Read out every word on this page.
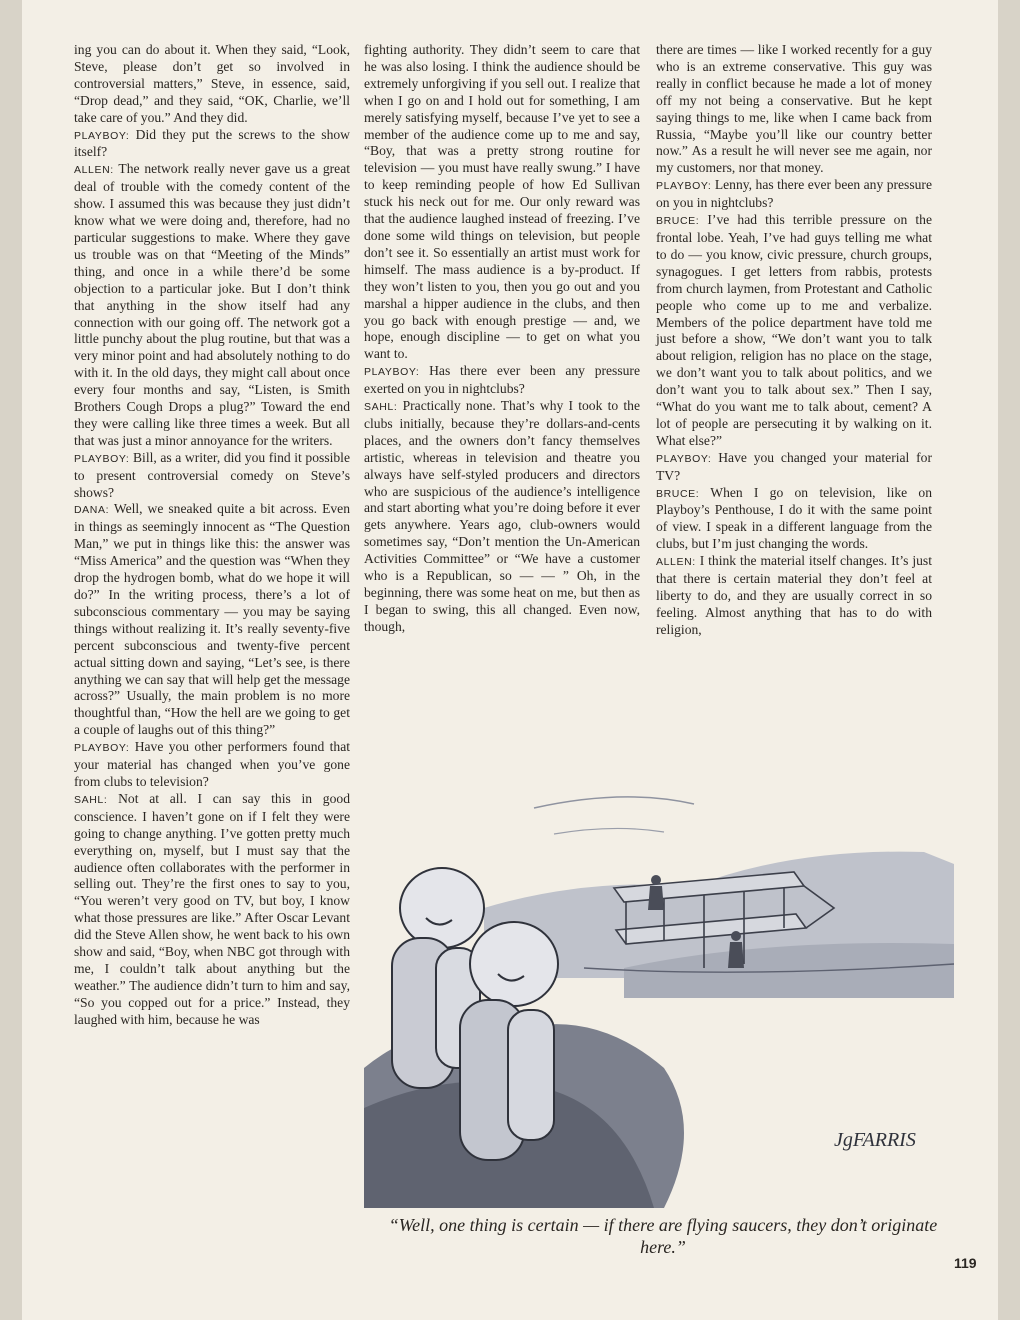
ing you can do about it. When they said, “Look, Steve, please don’t get so involved in controversial matters,” Steve, in essence, said, “Drop dead,” and they said, “OK, Charlie, we’ll take care of you.” And they did.

PLAYBOY: Did they put the screws to the show itself?

ALLEN: The network really never gave us a great deal of trouble with the comedy content of the show. I assumed this was because they just didn’t know what we were doing and, therefore, had no particular suggestions to make. Where they gave us trouble was on that “Meeting of the Minds” thing, and once in a while there’d be some objection to a particular joke. But I don’t think that anything in the show itself had any connection with our going off. The network got a little punchy about the plug routine, but that was a very minor point and had absolutely nothing to do with it. In the old days, they might call about once every four months and say, “Listen, is Smith Brothers Cough Drops a plug?” Toward the end they were calling like three times a week. But all that was just a minor annoyance for the writers.

PLAYBOY: Bill, as a writer, did you find it possible to present controversial comedy on Steve’s shows?

DANA: Well, we sneaked quite a bit across. Even in things as seemingly innocent as “The Question Man,” we put in things like this: the answer was “Miss America” and the question was “When they drop the hydrogen bomb, what do we hope it will do?” In the writing process, there’s a lot of subconscious commentary — you may be saying things without realizing it. It’s really seventy-five percent subconscious and twenty-five percent actual sitting down and saying, “Let’s see, is there anything we can say that will help get the message across?” Usually, the main problem is no more thoughtful than, “How the hell are we going to get a couple of laughs out of this thing?”

PLAYBOY: Have you other performers found that your material has changed when you’ve gone from clubs to television?

SAHL: Not at all. I can say this in good conscience. I haven’t gone on if I felt they were going to change anything. I’ve gotten pretty much everything on, myself, but I must say that the audience often collaborates with the performer in selling out. They’re the first ones to say to you, “You weren’t very good on TV, but boy, I know what those pressures are like.” After Oscar Levant did the Steve Allen show, he went back to his own show and said, “Boy, when NBC got through with me, I couldn’t talk about anything but the weather.” The audience didn’t turn to him and say, “So you copped out for a price.” Instead, they laughed with him, because he was

fighting authority. They didn’t seem to care that he was also losing. I think the audience should be extremely unforgiving if you sell out. I realize that when I go on and I hold out for something, I am merely satisfying myself, because I’ve yet to see a member of the audience come up to me and say, “Boy, that was a pretty strong routine for television — you must have really swung.” I have to keep reminding people of how Ed Sullivan stuck his neck out for me. Our only reward was that the audience laughed instead of freezing. I’ve done some wild things on television, but people don’t see it. So essentially an artist must work for himself. The mass audience is a by-product. If they won’t listen to you, then you go out and you marshal a hipper audience in the clubs, and then you go back with enough prestige — and, we hope, enough discipline — to get on what you want to.

PLAYBOY: Has there ever been any pressure exerted on you in nightclubs?

SAHL: Practically none. That’s why I took to the clubs initially, because they’re dollars-and-cents places, and the owners don’t fancy themselves artistic, whereas in television and theatre you always have self-styled producers and directors who are suspicious of the audience’s intelligence and start aborting what you’re doing before it ever gets anywhere. Years ago, club-owners would sometimes say, “Don’t mention the Un-American Activities Committee” or “We have a customer who is a Republican, so — — ” Oh, in the beginning, there was some heat on me, but then as I began to swing, this all changed. Even now, though,

there are times — like I worked recently for a guy who is an extreme conservative. This guy was really in conflict because he made a lot of money off my not being a conservative. But he kept saying things to me, like when I came back from Russia, “Maybe you’ll like our country better now.” As a result he will never see me again, nor my customers, nor that money.

PLAYBOY: Lenny, has there ever been any pressure on you in nightclubs?

BRUCE: I’ve had this terrible pressure on the frontal lobe. Yeah, I’ve had guys telling me what to do — you know, civic pressure, church groups, synagogues. I get letters from rabbis, protests from church laymen, from Protestant and Catholic people who come up to me and verbalize. Members of the police department have told me just before a show, “We don’t want you to talk about religion, religion has no place on the stage, we don’t want you to talk about politics, and we don’t want you to talk about sex.” Then I say, “What do you want me to talk about, cement? A lot of people are persecuting it by walking on it. What else?”

PLAYBOY: Have you changed your material for TV?

BRUCE: When I go on television, like on Playboy’s Penthouse, I do it with the same point of view. I speak in a different language from the clubs, but I’m just changing the words.

ALLEN: I think the material itself changes. It’s just that there is certain material they don’t feel at liberty to do, and they are usually correct in so feeling. Almost anything that has to do with religion,

JgFARRIS
“Well, one thing is certain — if there are flying saucers, they don’t originate here.”
119
